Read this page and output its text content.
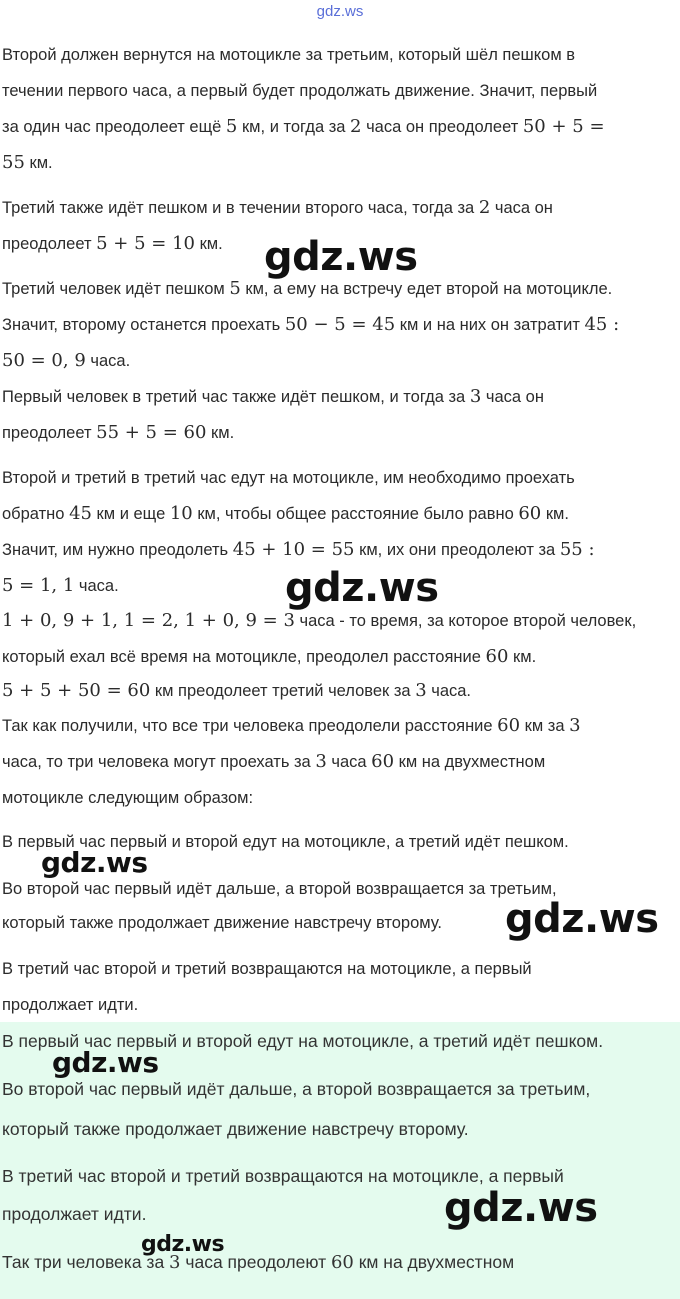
gdz.ws
Второй должен вернутся на мотоцикле за третьим, который шёл пешком в
течении первого часа, а первый будет продолжать движение. Значит, первый
за один час преодолеет ещё 5 км, и тогда за 2 часа он преодолеет 50 + 5 =
55 км.
Третий также идёт пешком и в течении второго часа, тогда за 2 часа он
преодолеет 5 + 5 = 10 км.
Третий человек идёт пешком 5 км, а ему на встречу едет второй на мотоцикле.
Значит, второму останется проехать 50 − 5 = 45 км и на них он затратит 45 :
50 = 0, 9 часа.
Первый человек в третий час также идёт пешком, и тогда за 3 часа он
преодолеет 55 + 5 = 60 км.
Второй и третий в третий час едут на мотоцикле, им необходимо проехать
обратно 45 км и еще 10 км, чтобы общее расстояние было равно 60 км.
Значит, им нужно преодолеть 45 + 10 = 55 км, их они преодолеют за 55 :
5 = 1, 1 часа.
1 + 0, 9 + 1, 1 = 2, 1 + 0, 9 = 3 часа - то время, за которое второй человек,
который ехал всё время на мотоцикле, преодолел расстояние 60 км.
5 + 5 + 50 = 60 км преодолеет третий человек за 3 часа.
Так как получили, что все три человека преодолели расстояние 60 км за 3
часа, то три человека могут проехать за 3 часа 60 км на двухместном
мотоцикле следующим образом:
В первый час первый и второй едут на мотоцикле, а третий идёт пешком.
Во второй час первый идёт дальше, а второй возвращается за третьим,
который также продолжает движение навстречу второму.
В третий час второй и третий возвращаются на мотоцикле, а первый
продолжает идти.
В первый час первый и второй едут на мотоцикле, а третий идёт пешком.
Во второй час первый идёт дальше, а второй возвращается за третьим,
который также продолжает движение навстречу второму.
В третий час второй и третий возвращаются на мотоцикле, а первый
продолжает идти.
Так три человека за 3 часа преодолеют 60 км на двухместном
gdz.ws
gdz.ws
gdz.ws
gdz.ws
gdz.ws
gdz.ws
gdz.ws
